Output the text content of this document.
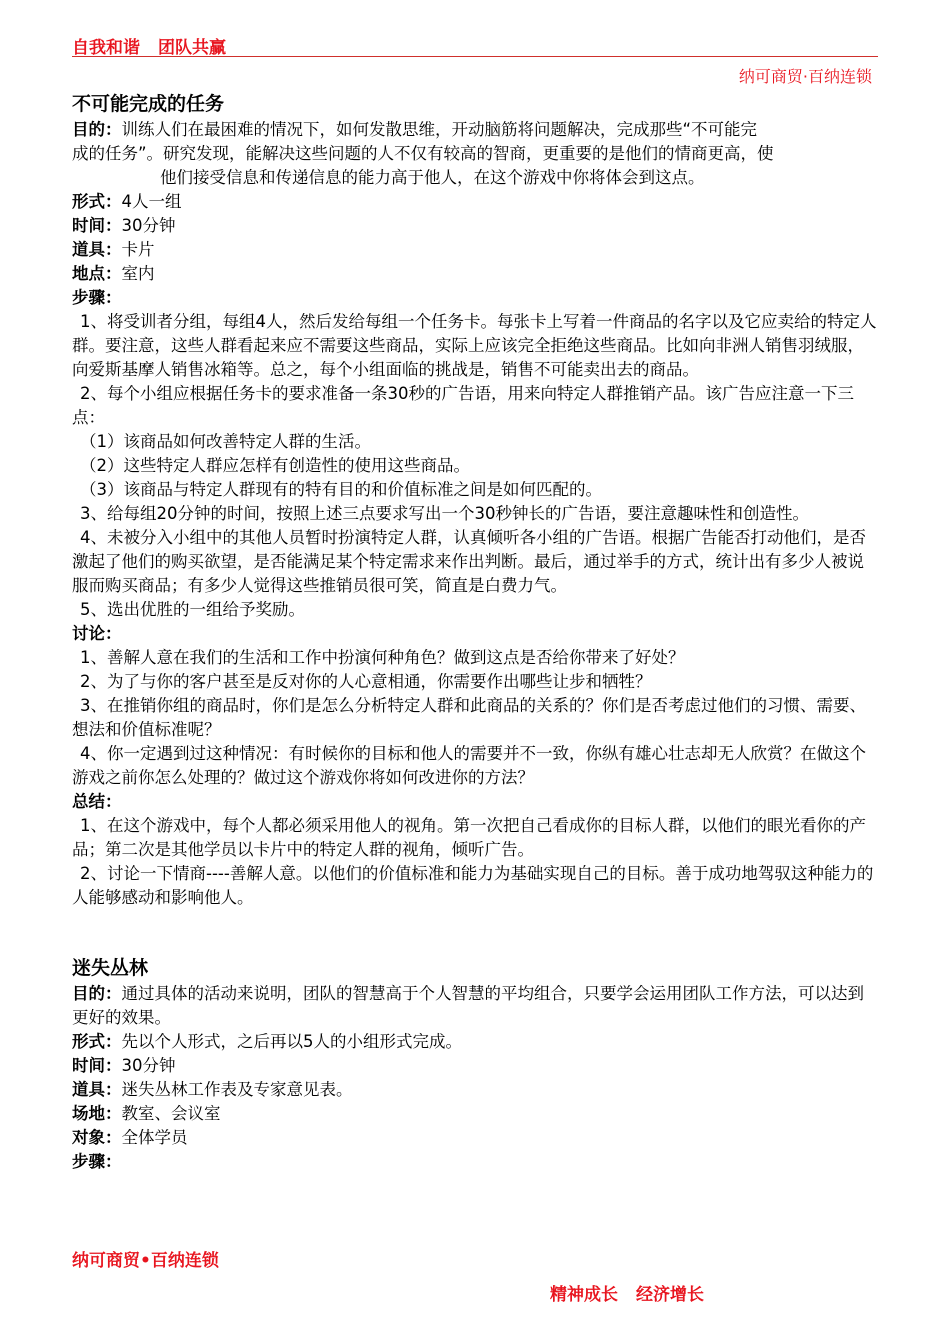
自我和谐 团队共赢
纳可商贸·百纳连锁
不可能完成的任务

目的：训练人们在最困难的情况下，如何发散思维，开动脑筋将问题解决，完成那些“不可能完

成的任务”。研究发现，能解决这些问题的人不仅有较高的智商，更重要的是他们的情商更高，使

他们接受信息和传递信息的能力高于他人，在这个游戏中你将体会到这点。

形式：4人一组

时间：30分钟

道具：卡片

地点：室内

步骤：

1、将受训者分组，每组4人，然后发给每组一个任务卡。每张卡上写着一件商品的名字以及它应卖给的特定人群。要注意，这些人群看起来应不需要这些商品，实际上应该完全拒绝这些商品。比如向非洲人销售羽绒服，向爱斯基摩人销售冰箱等。总之，每个小组面临的挑战是，销售不可能卖出去的商品。

2、每个小组应根据任务卡的要求准备一条30秒的广告语，用来向特定人群推销产品。该广告应注意一下三点：

（1）该商品如何改善特定人群的生活。

（2）这些特定人群应怎样有创造性的使用这些商品。

（3）该商品与特定人群现有的特有目的和价值标准之间是如何匹配的。

3、给每组20分钟的时间，按照上述三点要求写出一个30秒钟长的广告语，要注意趣味性和创造性。

4、未被分入小组中的其他人员暂时扮演特定人群，认真倾听各小组的广告语。根据广告能否打动他们，是否激起了他们的购买欲望，是否能满足某个特定需求来作出判断。最后，通过举手的方式，统计出有多少人被说服而购买商品；有多少人觉得这些推销员很可笑，简直是白费力气。

5、选出优胜的一组给予奖励。

讨论：

1、善解人意在我们的生活和工作中扮演何种角色？做到这点是否给你带来了好处？

2、为了与你的客户甚至是反对你的人心意相通，你需要作出哪些让步和牺牲？

3、在推销你组的商品时，你们是怎么分析特定人群和此商品的关系的？你们是否考虑过他们的习惯、需要、想法和价值标准呢？

4、你一定遇到过这种情况：有时候你的目标和他人的需要并不一致，你纵有雄心壮志却无人欣赏？在做这个游戏之前你怎么处理的？做过这个游戏你将如何改进你的方法？

总结：

1、在这个游戏中，每个人都必须采用他人的视角。第一次把自己看成你的目标人群，以他们的眼光看你的产品；第二次是其他学员以卡片中的特定人群的视角，倾听广告。

2、讨论一下情商----善解人意。以他们的价值标准和能力为基础实现自己的目标。善于成功地驾驭这种能力的人能够感动和影响他人。

迷失丛林

目的：通过具体的活动来说明，团队的智慧高于个人智慧的平均组合，只要学会运用团队工作方法，可以达到更好的效果。

形式：先以个人形式，之后再以5人的小组形式完成。

时间：30分钟

道具：迷失丛林工作表及专家意见表。

场地：教室、会议室

对象：全体学员

步骤：

纳可商贸•百纳连锁
精神成长 经济增长
